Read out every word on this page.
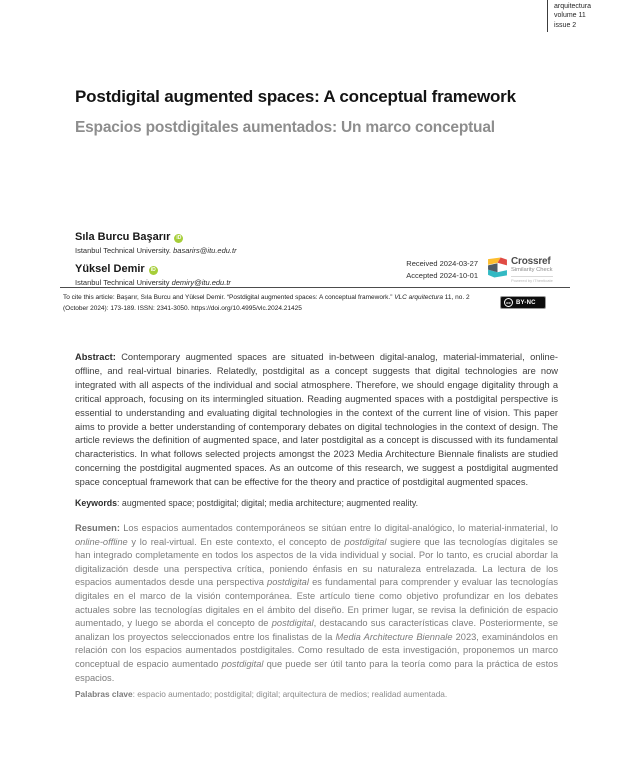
arquitectura
volume 11
issue 2
Postdigital augmented spaces: A conceptual framework
Espacios postdigitales aumentados: Un marco conceptual
Sıla Burcu Başarır iD
Istanbul Technical University. basarirs@itu.edu.tr
Yüksel Demir iD
Istanbul Technical University demiry@itu.edu.tr
Received 2024-03-27
Accepted 2024-10-01
Crossref
Similarity Check
Powered by iThenticate

To cite this article: Başarır, Sıla Burcu and Yüksel Demir. “Postdigital augmented spaces: A conceptual framework.” VLC arquitectura 11, no. 2 (October 2024): 173-189. ISSN: 2341-3050. https://doi.org/10.4995/vlc.2024.21425

cc BY-NC

Abstract: Contemporary augmented spaces are situated in-between digital-analog, material-immaterial, online-offline, and real-virtual binaries. Relatedly, postdigital as a concept suggests that digital technologies are now integrated with all aspects of the individual and social atmosphere. Therefore, we should engage digitality through a critical approach, focusing on its intermingled situation. Reading augmented spaces with a postdigital perspective is essential to understanding and evaluating digital technologies in the context of the current line of vision. This paper aims to provide a better understanding of contemporary debates on digital technologies in the context of design. The article reviews the definition of augmented space, and later postdigital as a concept is discussed with its fundamental characteristics. In what follows selected projects amongst the 2023 Media Architecture Biennale finalists are studied concerning the postdigital augmented spaces. As an outcome of this research, we suggest a postdigital augmented space conceptual framework that can be effective for the theory and practice of postdigital augmented spaces.

Keywords: augmented space; postdigital; digital; media architecture; augmented reality.

Resumen: Los espacios aumentados contemporáneos se sitúan entre lo digital-analógico, lo material-inmaterial, lo online-offline y lo real-virtual. En este contexto, el concepto de postdigital sugiere que las tecnologías digitales se han integrado completamente en todos los aspectos de la vida individual y social. Por lo tanto, es crucial abordar la digitalización desde una perspectiva crítica, poniendo énfasis en su naturaleza entrelazada. La lectura de los espacios aumentados desde una perspectiva postdigital es fundamental para comprender y evaluar las tecnologías digitales en el marco de la visión contemporánea. Este artículo tiene como objetivo profundizar en los debates actuales sobre las tecnologías digitales en el ámbito del diseño. En primer lugar, se revisa la definición de espacio aumentado, y luego se aborda el concepto de postdigital, destacando sus características clave. Posteriormente, se analizan los proyectos seleccionados entre los finalistas de la Media Architecture Biennale 2023, examinándolos en relación con los espacios aumentados postdigitales. Como resultado de esta investigación, proponemos un marco conceptual de espacio aumentado postdigital que puede ser útil tanto para la teoría como para la práctica de estos espacios.

Palabras clave: espacio aumentado; postdigital; digital; arquitectura de medios; realidad aumentada.
